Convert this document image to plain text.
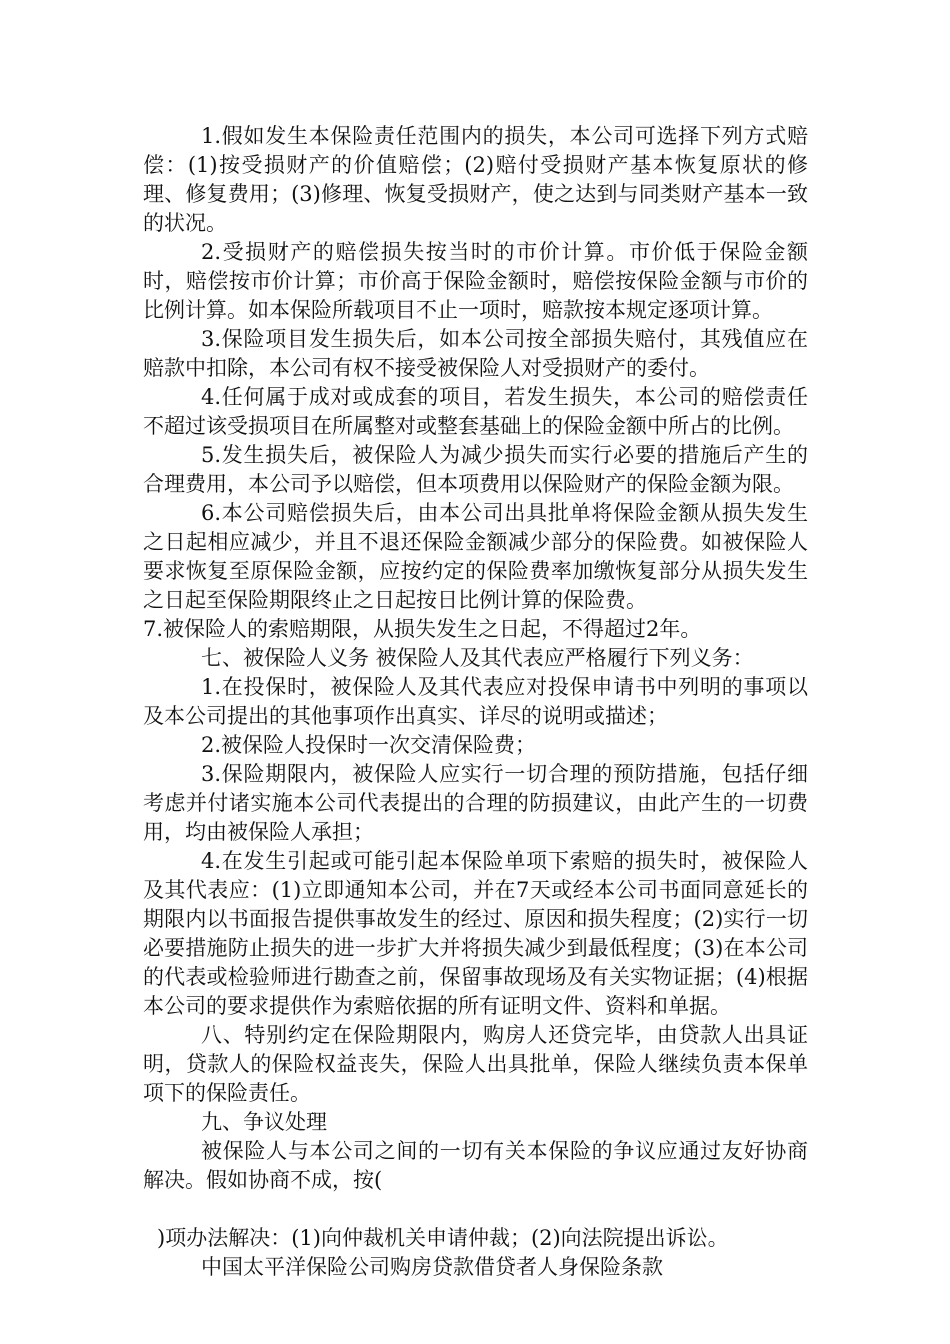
1.假如发生本保险责任范围内的损失，本公司可选择下列方式赔偿：(1)按受损财产的价值赔偿；(2)赔付受损财产基本恢复原状的修理、修复费用；(3)修理、恢复受损财产，使之达到与同类财产基本一致的状况。

2.受损财产的赔偿损失按当时的市价计算。市价低于保险金额时，赔偿按市价计算；市价高于保险金额时，赔偿按保险金额与市价的比例计算。如本保险所载项目不止一项时，赔款按本规定逐项计算。

3.保险项目发生损失后，如本公司按全部损失赔付，其残值应在赔款中扣除，本公司有权不接受被保险人对受损财产的委付。

4.任何属于成对或成套的项目，若发生损失，本公司的赔偿责任不超过该受损项目在所属整对或整套基础上的保险金额中所占的比例。

5.发生损失后，被保险人为减少损失而实行必要的措施后产生的合理费用，本公司予以赔偿，但本项费用以保险财产的保险金额为限。

6.本公司赔偿损失后，由本公司出具批单将保险金额从损失发生之日起相应减少，并且不退还保险金额减少部分的保险费。如被保险人要求恢复至原保险金额，应按约定的保险费率加缴恢复部分从损失发生之日起至保险期限终止之日起按日比例计算的保险费。

7.被保险人的索赔期限，从损失发生之日起，不得超过2年。

七、被保险人义务 被保险人及其代表应严格履行下列义务：

1.在投保时，被保险人及其代表应对投保申请书中列明的事项以及本公司提出的其他事项作出真实、详尽的说明或描述；

2.被保险人投保时一次交清保险费；

3.保险期限内，被保险人应实行一切合理的预防措施，包括仔细考虑并付诸实施本公司代表提出的合理的防损建议，由此产生的一切费用，均由被保险人承担；

4.在发生引起或可能引起本保险单项下索赔的损失时，被保险人及其代表应：(1)立即通知本公司，并在7天或经本公司书面同意延长的期限内以书面报告提供事故发生的经过、原因和损失程度；(2)实行一切必要措施防止损失的进一步扩大并将损失减少到最低程度；(3)在本公司的代表或检验师进行勘查之前，保留事故现场及有关实物证据；(4)根据本公司的要求提供作为索赔依据的所有证明文件、资料和单据。

八、特别约定在保险期限内，购房人还贷完毕，由贷款人出具证明，贷款人的保险权益丧失，保险人出具批单，保险人继续负责本保单项下的保险责任。

九、争议处理

被保险人与本公司之间的一切有关本保险的争议应通过友好协商解决。假如协商不成，按(

)项办法解决：(1)向仲裁机关申请仲裁；(2)向法院提出诉讼。

中国太平洋保险公司购房贷款借贷者人身保险条款
